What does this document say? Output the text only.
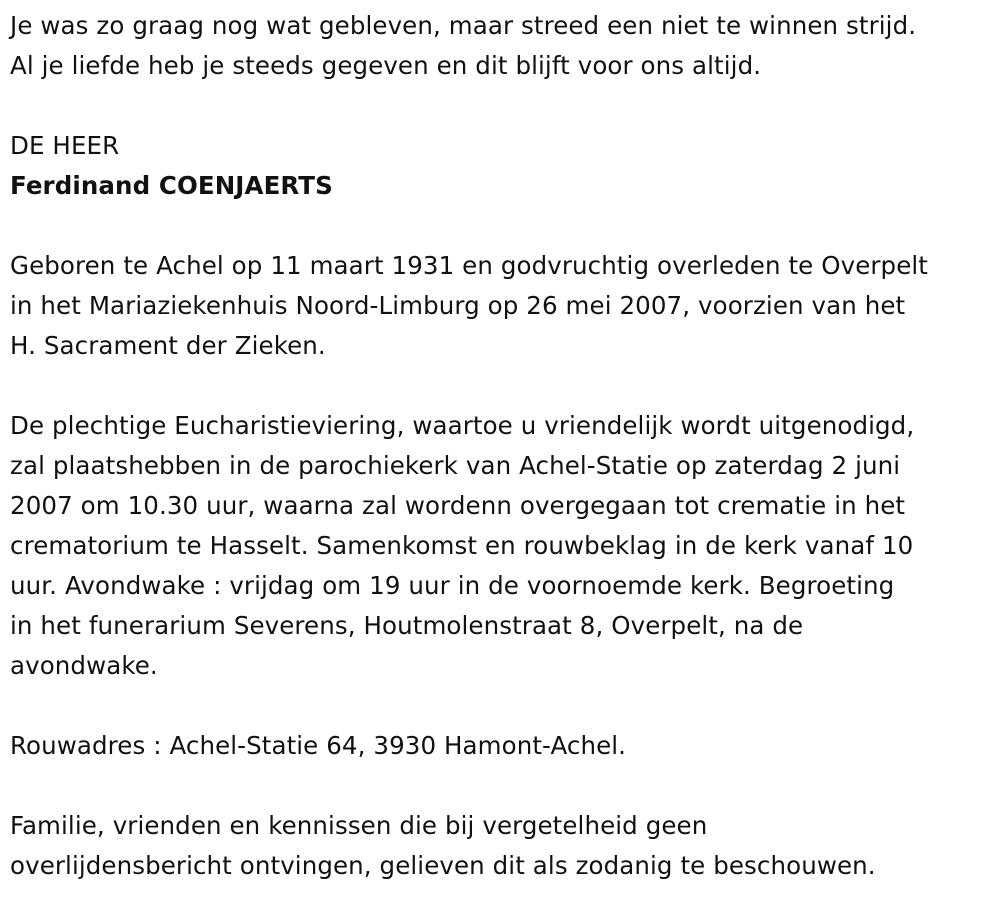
Je was zo graag nog wat gebleven, maar streed een niet te winnen strijd.
Al je liefde heb je steeds gegeven en dit blijft voor ons altijd.
DE HEER
Ferdinand COENJAERTS
Geboren te Achel op 11 maart 1931 en godvruchtig overleden te Overpelt
in het Mariaziekenhuis Noord-Limburg op 26 mei 2007, voorzien van het
H. Sacrament der Zieken.
De plechtige Eucharistieviering, waartoe u vriendelijk wordt uitgenodigd,
zal plaatshebben in de parochiekerk van Achel-Statie op zaterdag 2 juni
2007 om 10.30 uur, waarna zal wordenn overgegaan tot crematie in het
crematorium te Hasselt. Samenkomst en rouwbeklag in de kerk vanaf 10
uur. Avondwake : vrijdag om 19 uur in de voornoemde kerk. Begroeting
in het funerarium Severens, Houtmolenstraat 8, Overpelt, na de
avondwake.
Rouwadres : Achel-Statie 64, 3930 Hamont-Achel.
Familie, vrienden en kennissen die bij vergetelheid geen
overlijdensbericht ontvingen, gelieven dit als zodanig te beschouwen.
